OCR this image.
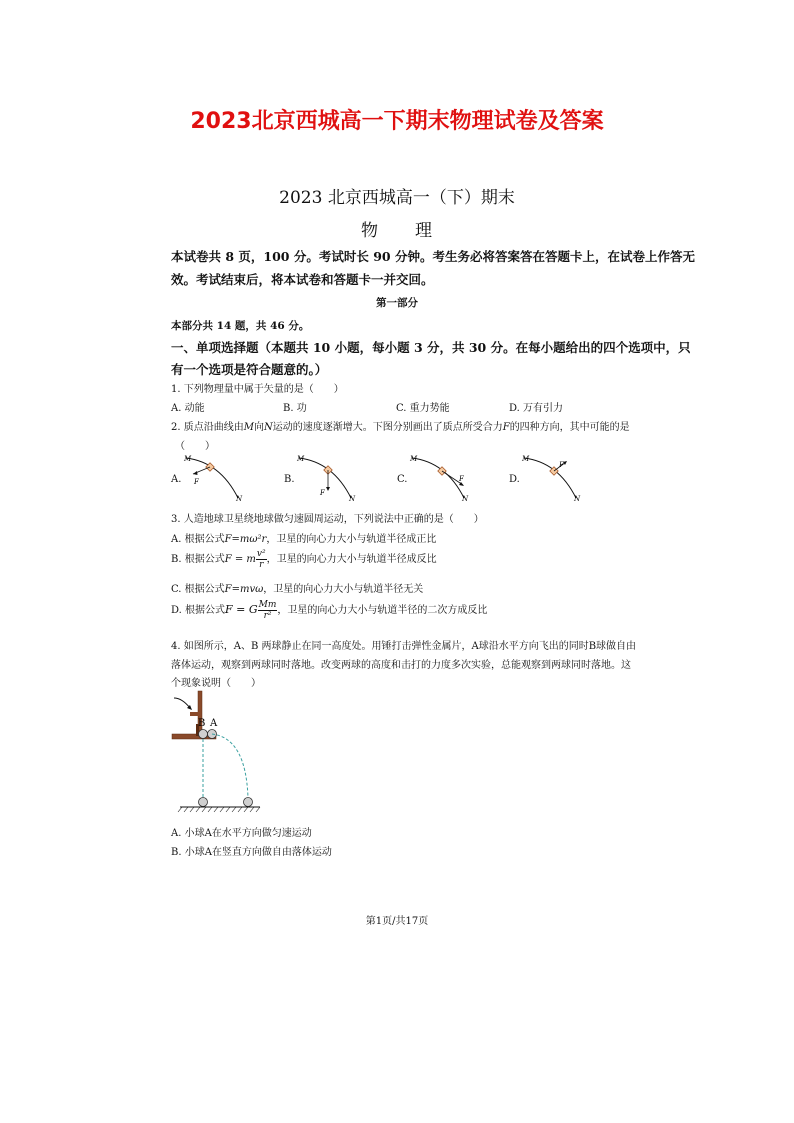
2023北京西城高一下期末物理试卷及答案
2023 北京西城高一（下）期末
物　　理
本试卷共 8 页，100 分。考试时长 90 分钟。考生务必将答案答在答题卡上，在试卷上作答无
效。考试结束后，将本试卷和答题卡一并交回。
第一部分
本部分共 14 题，共 46 分。
一、单项选择题（本题共 10 小题，每小题 3 分，共 30 分。在每小题给出的四个选项中，只
有一个选项是符合题意的。）
1. 下列物理量中属于矢量的是（　　）
A. 动能	B. 功	C. 重力势能	D. 万有引力
2. 质点沿曲线由M向N运动的速度逐渐增大。下图分别画出了质点所受合力F的四种方向，其中可能的是
（　　）
A.	B.	C.	D.
M
F
N
M
F
N
M
F
N
M
F
N
3. 人造地球卫星绕地球做匀速圆周运动，下列说法中正确的是（　　）
A. 根据公式F=mω²r，卫星的向心力大小与轨道半径成正比
B. 根据公式F = m $\frac{\text{v²}}{r}$ ，卫星的向心力大小与轨道半径成反比
C. 根据公式F=mvω，卫星的向心力大小与轨道半径无关
D. 根据公式F = G $\frac{Mm}{\text{r²}}$ ，卫星的向心力大小与轨道半径的二次方成反比
4. 如图所示，A、B 两球静止在同一高度处。用锤打击弹性金属片，A球沿水平方向飞出的同时B球做自由
落体运动，观察到两球同时落地。改变两球的高度和击打的力度多次实验，总能观察到两球同时落地。这
个现象说明（　　）
B A
A. 小球A在水平方向做匀速运动
B. 小球A在竖直方向做自由落体运动
第1页/共17页
